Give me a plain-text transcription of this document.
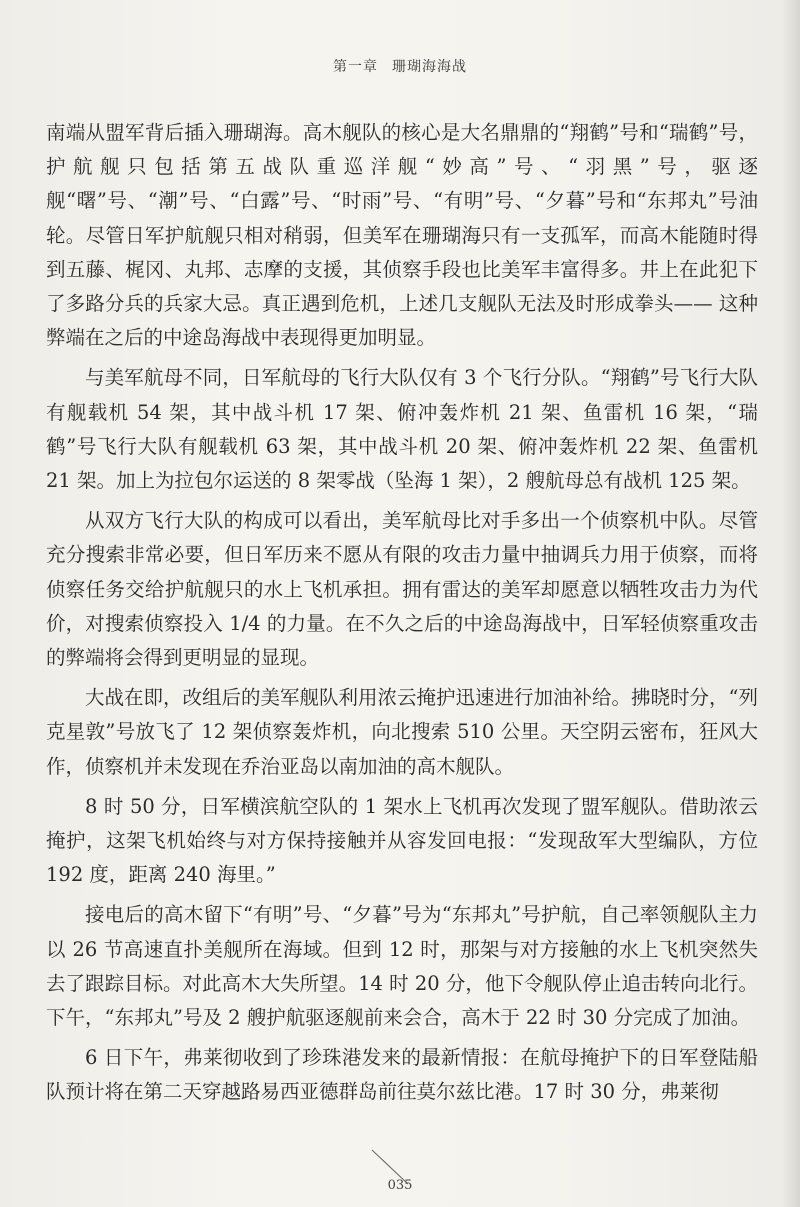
第一章 珊瑚海海战

南端从盟军背后插入珊瑚海。高木舰队的核心是大名鼎鼎的“翔鹤”号和“瑞鹤”号，护航舰只包括第五战队重巡洋舰“妙高”号、“羽黑”号，驱逐舰“曙”号、“潮”号、“白露”号、“时雨”号、“有明”号、“夕暮”号和“东邦丸”号油轮。尽管日军护航舰只相对稍弱，但美军在珊瑚海只有一支孤军，而高木能随时得到五藤、梶冈、丸邦、志摩的支援，其侦察手段也比美军丰富得多。井上在此犯下了多路分兵的兵家大忌。真正遇到危机，上述几支舰队无法及时形成拳头—— 这种弊端在之后的中途岛海战中表现得更加明显。

与美军航母不同，日军航母的飞行大队仅有 3 个飞行分队。“翔鹤”号飞行大队有舰载机 54 架，其中战斗机 17 架、俯冲轰炸机 21 架、鱼雷机 16 架，“瑞鹤”号飞行大队有舰载机 63 架，其中战斗机 20 架、俯冲轰炸机 22 架、鱼雷机 21 架。加上为拉包尔运送的 8 架零战（坠海 1 架），2 艘航母总有战机 125 架。

从双方飞行大队的构成可以看出，美军航母比对手多出一个侦察机中队。尽管充分搜索非常必要，但日军历来不愿从有限的攻击力量中抽调兵力用于侦察，而将侦察任务交给护航舰只的水上飞机承担。拥有雷达的美军却愿意以牺牲攻击力为代价，对搜索侦察投入 1/4 的力量。在不久之后的中途岛海战中，日军轻侦察重攻击的弊端将会得到更明显的显现。

大战在即，改组后的美军舰队利用浓云掩护迅速进行加油补给。拂晓时分，“列克星敦”号放飞了 12 架侦察轰炸机，向北搜索 510 公里。天空阴云密布，狂风大作，侦察机并未发现在乔治亚岛以南加油的高木舰队。

8 时 50 分，日军横滨航空队的 1 架水上飞机再次发现了盟军舰队。借助浓云掩护，这架飞机始终与对方保持接触并从容发回电报：“发现敌军大型编队，方位 192 度，距离 240 海里。”

接电后的高木留下“有明”号、“夕暮”号为“东邦丸”号护航，自己率领舰队主力以 26 节高速直扑美舰所在海域。但到 12 时，那架与对方接触的水上飞机突然失去了跟踪目标。对此高木大失所望。14 时 20 分，他下令舰队停止追击转向北行。下午，“东邦丸”号及 2 艘护航驱逐舰前来会合，高木于 22 时 30 分完成了加油。

6 日下午，弗莱彻收到了珍珠港发来的最新情报：在航母掩护下的日军登陆船队预计将在第二天穿越路易西亚德群岛前往莫尔兹比港。17 时 30 分，弗莱彻

035
